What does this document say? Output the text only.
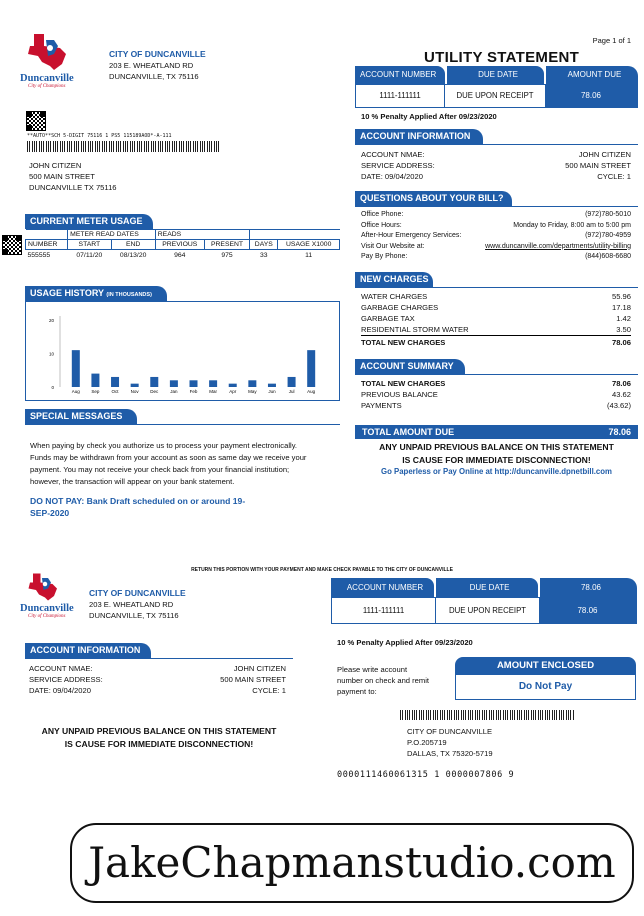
Page 1 of 1
UTILITY STATEMENT
Duncanville
City of Champions
CITY OF DUNCANVILLE
203 E. WHEATLAND RD
DUNCANVILLE, TX 75116
**AUTO**SCH 5-DIGIT 75116 1 PS5 115189AOD*-A-111
JOHN CITIZEN
500 MAIN STREET
DUNCANVILLE TX 75116
ACCOUNT NUMBER	DUE DATE	AMOUNT DUE
1111-111111	DUE UPON RECEIPT	78.06
10 % Penalty Applied After 09/23/2020
ACCOUNT INFORMATION
ACCOUNT NMAE:	JOHN CITIZEN
SERVICE ADDRESS:	500 MAIN STREET
DATE: 09/04/2020	CYCLE: 1
QUESTIONS ABOUT YOUR BILL?
Office Phone:	(972)780-5010
Office Hours:	Monday to Friday, 8:00 am to 5:00 pm
After-Hour Emergency Services:	(972)780-4959
Visit Our Website at:	www.duncanville.com/departments/utility-billing
Pay By Phone:	(844)608-6680
NEW CHARGES
WATER CHARGES	55.96
GARBAGE CHARGES	17.18
GARBAGE TAX	1.42
RESIDENTIAL STORM WATER	3.50
TOTAL NEW CHARGES	78.06
ACCOUNT SUMMARY
TOTAL NEW CHARGES	78.06
PREVIOUS BALANCE	43.62
PAYMENTS	(43.62)
TOTAL AMOUNT DUE	78.06
ANY UNPAID PREVIOUS BALANCE ON THIS STATEMENT
IS CAUSE FOR IMMEDIATE DISCONNECTION!
Go Paperless or Pay Online at http://duncanville.dpnetbill.com
CURRENT METER USAGE
	METER READ DATES		READS			
NUMBER	START	END	PREVIOUS	PRESENT	DAYS	USAGE X1000
555555	07/11/20	08/13/20	964	975	33	11
USAGE HISTORY (IN THOUSANDS)
20
10
0
Aug	Sep	Oct	Nov	Dec	Jan	Feb	Mar	Apr	May	Jun	Jul	Aug
SPECIAL MESSAGES
When paying by check you authorize us to process your payment electronically. Funds may be withdrawn from your account as soon as same day we receive your payment. You may not receive your check back from your financial institution; however, the transaction will appear on your bank statement.
DO NOT PAY: Bank Draft scheduled on or around 19-SEP-2020
RETURN THIS PORTION WITH YOUR PAYMENT AND MAKE CHECK PAYABLE TO THE CITY OF DUNCANVILLE
Duncanville
City of Champions
CITY OF DUNCANVILLE
203 E. WHEATLAND RD
DUNCANVILLE, TX 75116
ACCOUNT NUMBER	DUE DATE	78.06
1111-111111	DUE UPON RECEIPT	78.06
10 % Penalty Applied After 09/23/2020
ACCOUNT INFORMATION
ACCOUNT NMAE:	JOHN CITIZEN
SERVICE ADDRESS:	500 MAIN STREET
DATE: 09/04/2020	CYCLE: 1
ANY UNPAID PREVIOUS BALANCE ON THIS STATEMENT
IS CAUSE FOR IMMEDIATE DISCONNECTION!
Please write account number on check and remit payment to:
AMOUNT ENCLOSED
Do Not Pay
CITY OF DUNCANVILLE
P.O.205719
DALLAS, TX 75320-5719
0000111460061315 1 0000007806 9
JakeChapmanstudio.com
